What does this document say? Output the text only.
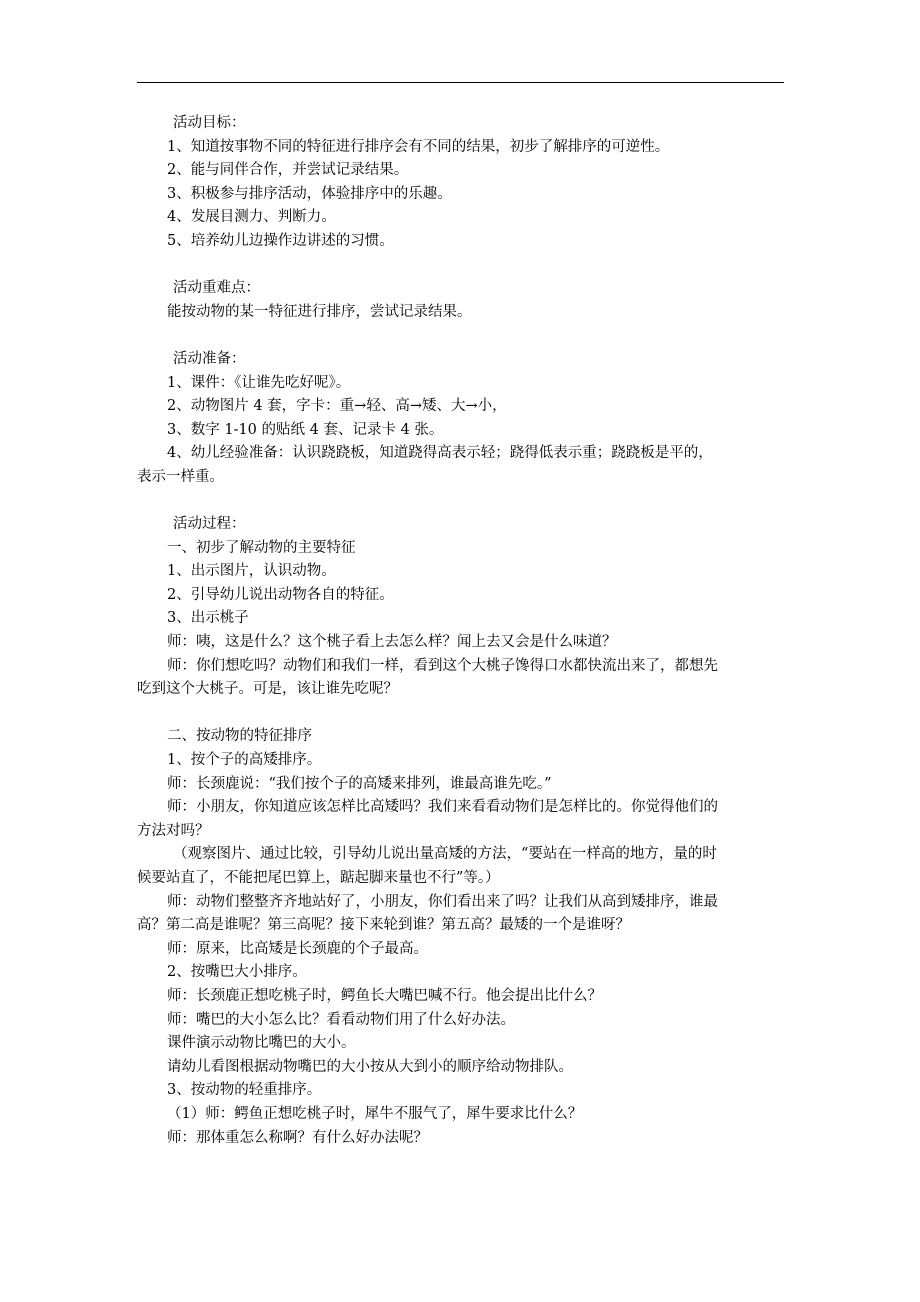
活动目标：

1、知道按事物不同的特征进行排序会有不同的结果，初步了解排序的可逆性。

2、能与同伴合作，并尝试记录结果。

3、积极参与排序活动，体验排序中的乐趣。

4、发展目测力、判断力。

5、培养幼儿边操作边讲述的习惯。

活动重难点：

能按动物的某一特征进行排序，尝试记录结果。

活动准备：

1、课件：《让谁先吃好呢》。

2、动物图片 4 套，字卡：重→轻、高→矮、大→小，

3、数字 1-10 的贴纸 4 套、记录卡 4 张。

4、幼儿经验准备：认识跷跷板，知道跷得高表示轻；跷得低表示重；跷跷板是平的，

表示一样重。

活动过程：

一、初步了解动物的主要特征

1、出示图片，认识动物。

2、引导幼儿说出动物各自的特征。

3、出示桃子

师：咦，这是什么？这个桃子看上去怎么样？闻上去又会是什么味道？

师：你们想吃吗？动物们和我们一样，看到这个大桃子馋得口水都快流出来了，都想先

吃到这个大桃子。可是，该让谁先吃呢？

二、按动物的特征排序

1、按个子的高矮排序。

师：长颈鹿说：“我们按个子的高矮来排列，谁最高谁先吃。”

师：小朋友，你知道应该怎样比高矮吗？我们来看看动物们是怎样比的。你觉得他们的

方法对吗？

（观察图片、通过比较，引导幼儿说出量高矮的方法，“要站在一样高的地方，量的时

候要站直了，不能把尾巴算上，踮起脚来量也不行”等。）

师：动物们整整齐齐地站好了，小朋友，你们看出来了吗？让我们从高到矮排序，谁最

高？第二高是谁呢？第三高呢？接下来轮到谁？第五高？最矮的一个是谁呀？

师：原来，比高矮是长颈鹿的个子最高。

2、按嘴巴大小排序。

师：长颈鹿正想吃桃子时，鳄鱼长大嘴巴喊不行。他会提出比什么？

师：嘴巴的大小怎么比？看看动物们用了什么好办法。

课件演示动物比嘴巴的大小。

请幼儿看图根据动物嘴巴的大小按从大到小的顺序给动物排队。

3、按动物的轻重排序。

（1）师：鳄鱼正想吃桃子时，犀牛不服气了，犀牛要求比什么？

师：那体重怎么称啊？有什么好办法呢？
